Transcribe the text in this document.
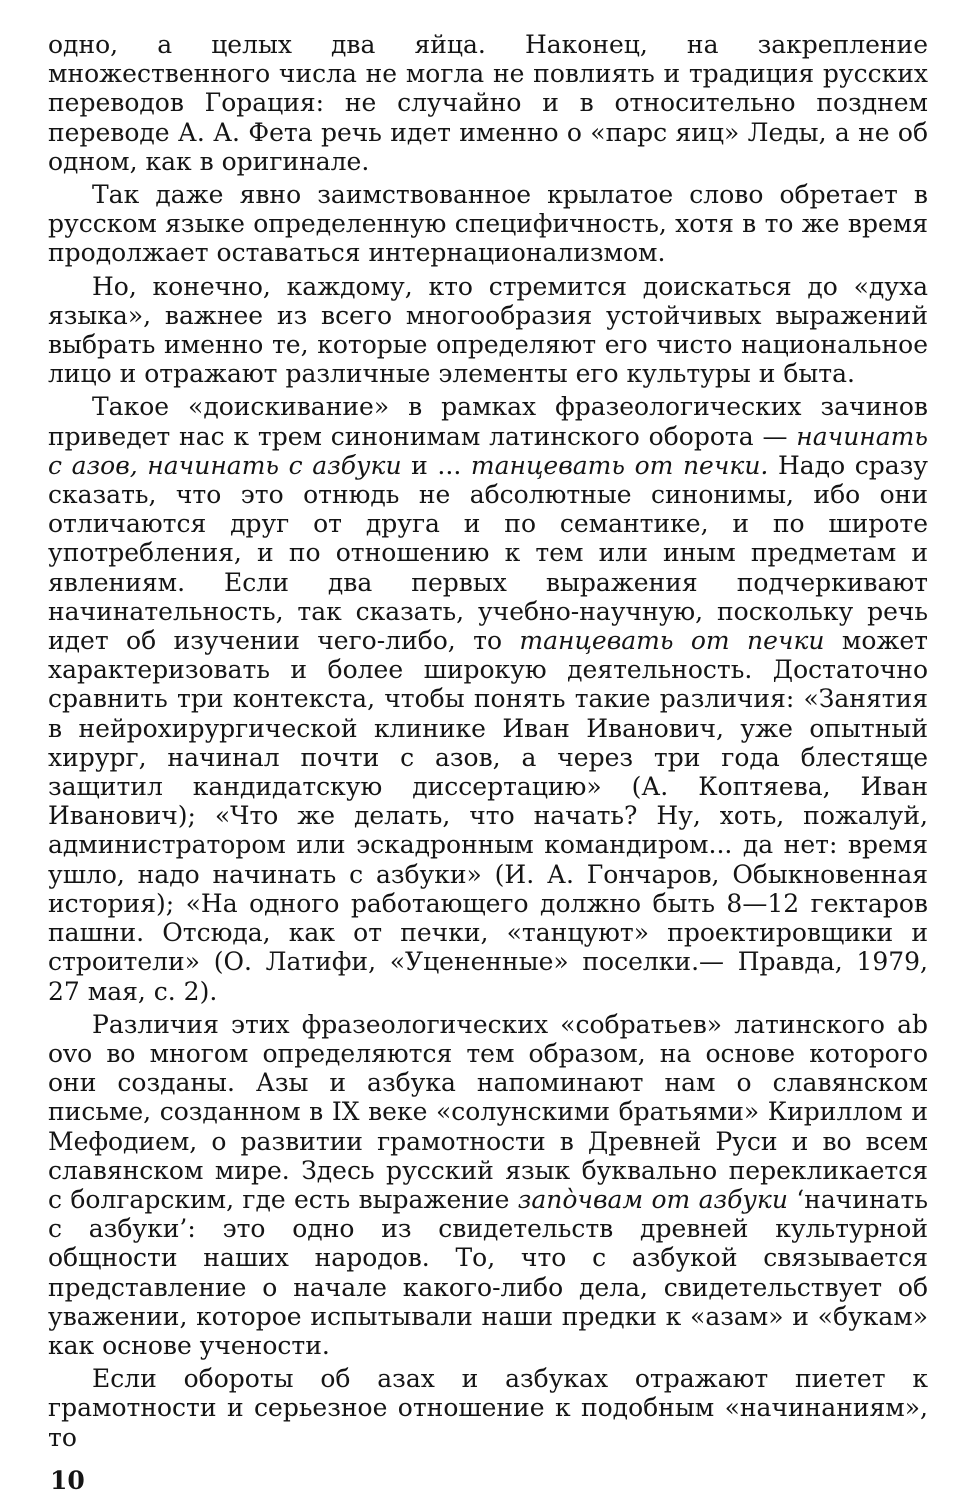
одно, а целых два яйца. Наконец, на закрепление множественного числа не могла не повлиять и традиция русских переводов Горация: не случайно и в относительно позднем переводе А. А. Фета речь идет именно о «парс яиц» Леды, а не об одном, как в оригинале.

Так даже явно заимствованное крылатое слово обретает в русском языке определенную специфичность, хотя в то же время продолжает оставаться интернационализмом.

Но, конечно, каждому, кто стремится доискаться до «духа языка», важнее из всего многообразия устойчивых выражений выбрать именно те, которые определяют его чисто национальное лицо и отражают различные элементы его культуры и быта.

Такое «доискивание» в рамках фразеологических зачинов приведет нас к трем синонимам латинского оборота — начинать с азов, начинать с азбуки и ... танцевать от печки. Надо сразу сказать, что это отнюдь не абсолютные синонимы, ибо они отличаются друг от друга и по семантике, и по широте употребления, и по отношению к тем или иным предметам и явлениям. Если два первых выражения подчеркивают начинательность, так сказать, учебно-научную, поскольку речь идет об изучении чего-либо, то танцевать от печки может характеризовать и более широкую деятельность. Достаточно сравнить три контекста, чтобы понять такие различия: «Занятия в нейрохирургической клинике Иван Иванович, уже опытный хирург, начинал почти с азов, а через три года блестяще защитил кандидатскую диссертацию» (А. Коптяева, Иван Иванович); «Что же делать, что начать? Ну, хоть, пожалуй, администратором или эскадронным командиром... да нет: время ушло, надо начинать с азбуки» (И. А. Гончаров, Обыкновенная история); «На одного работающего должно быть 8—12 гектаров пашни. Отсюда, как от печки, «танцуют» проектировщики и строители» (О. Латифи, «Уцененные» поселки.— Правда, 1979, 27 мая, с. 2).

Различия этих фразеологических «собратьев» латинского ab ovo во многом определяются тем образом, на основе которого они созданы. Азы и азбука напоминают нам о славянском письме, созданном в IX веке «солунскими братьями» Кириллом и Мефодием, о развитии грамотности в Древней Руси и во всем славянском мире. Здесь русский язык буквально перекликается с болгарским, где есть выражение запо̀чвам от азбуки ‘начинать с азбуки’: это одно из свидетельств древней культурной общности наших народов. То, что с азбукой связывается представление о начале какого-либо дела, свидетельствует об уважении, которое испытывали наши предки к «азам» и «букам» как основе учености.

Если обороты об азах и азбуках отражают пиетет к грамотности и серьезное отношение к подобным «начинаниям», то

10
